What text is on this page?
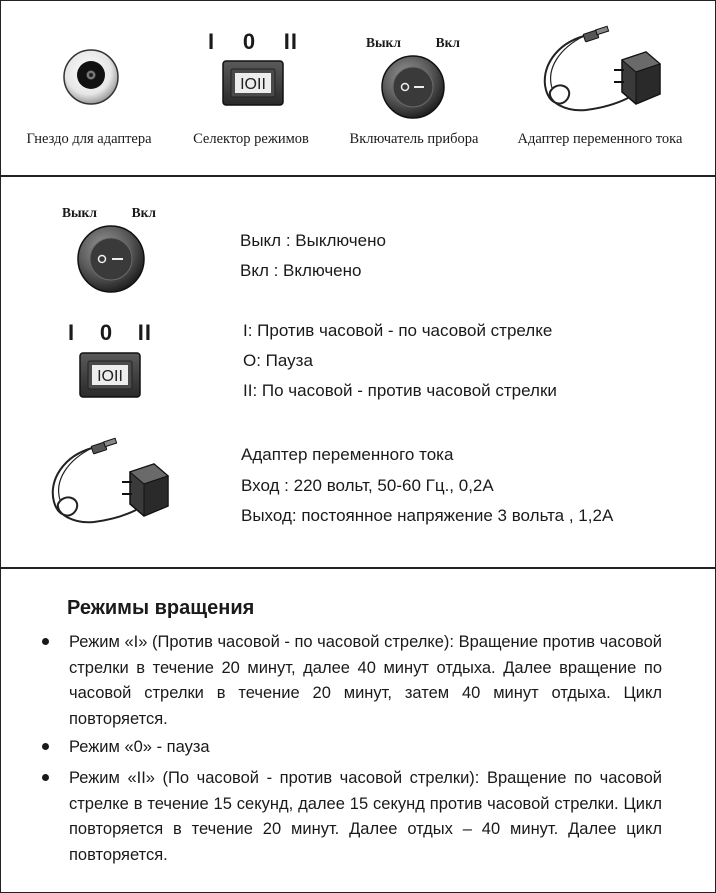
Гнездо для адаптера
I 0 II
IOII
Селектор режимов
Выкл	Вкл
Включатель прибора	Адаптер переменного тока
Выкл	Вкл
Выкл : Выключено
Вкл : Включено
I 0 II
IOII
I: Против часовой - по часовой стрелке
O: Пауза
II: По часовой - против часовой стрелки
Адаптер переменного тока
Вход : 220 вольт, 50-60 Гц., 0,2А
Выход: постоянное напряжение 3 вольта , 1,2А
Режимы вращения
Режим «I» (Против часовой - по часовой стрелке): Вращение против часовой стрелки в течение 20 минут, далее 40 минут отдыха. Далее вращение по часовой стрелки в течение 20 минут, затем 40 минут отдыха. Цикл повторяется.
Режим «0» - пауза
Режим «II» (По часовой - против часовой стрелки): Вращение по часовой стрелке в течение 15 секунд, далее 15 секунд против часовой стрелки. Цикл повторяется в течение 20 минут. Далее отдых – 40 минут. Далее цикл повторяется.
